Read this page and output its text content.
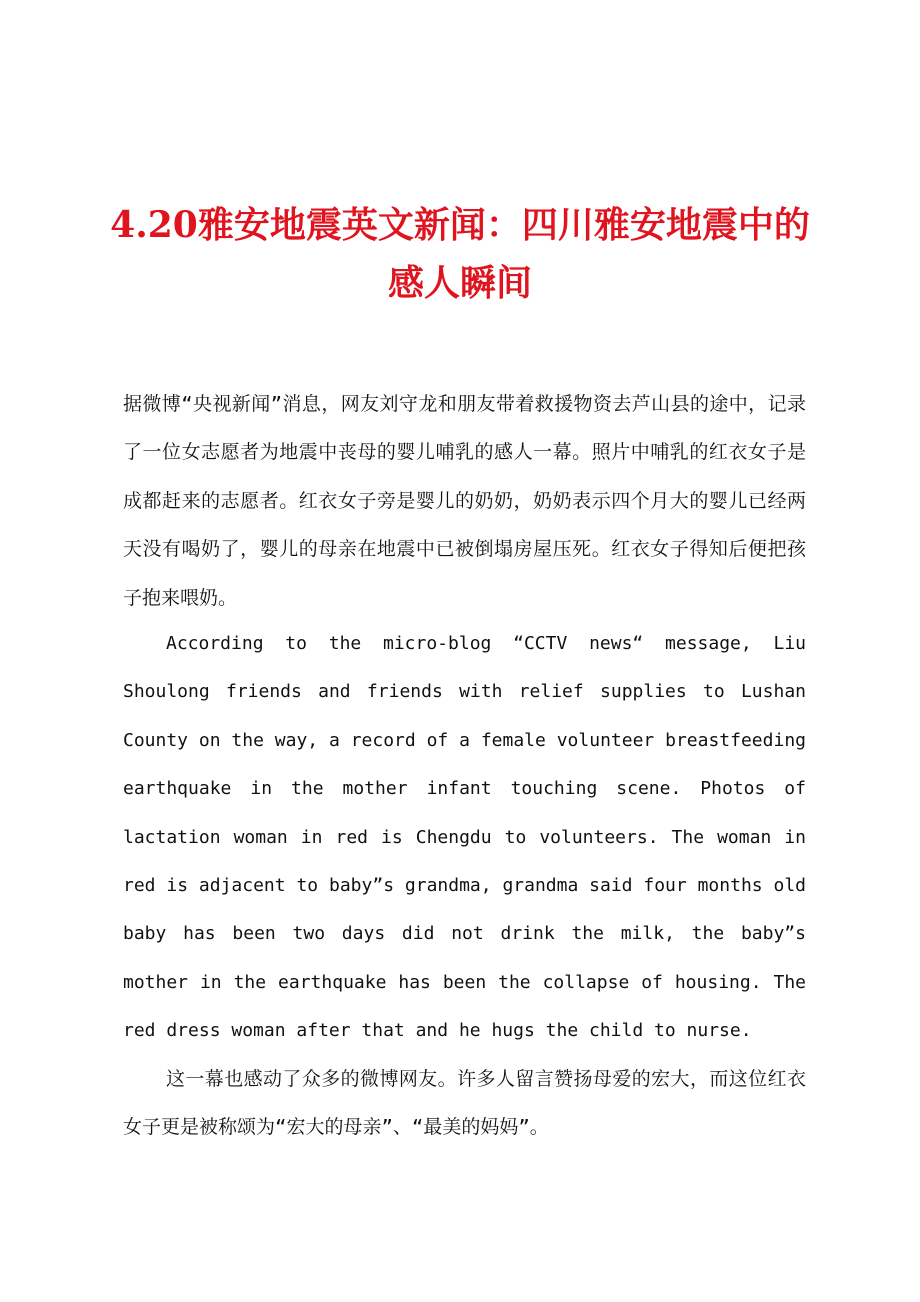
4.20雅安地震英文新闻：四川雅安地震中的感人瞬间

据微博“央视新闻”消息，网友刘守龙和朋友带着救援物资去芦山县的途中，记录了一位女志愿者为地震中丧母的婴儿哺乳的感人一幕。照片中哺乳的红衣女子是成都赶来的志愿者。红衣女子旁是婴儿的奶奶，奶奶表示四个月大的婴儿已经两天没有喝奶了，婴儿的母亲在地震中已被倒塌房屋压死。红衣女子得知后便把孩子抱来喂奶。

According to the micro-blog “CCTV news“ message, Liu Shoulong friends and friends with relief supplies to Lushan County on the way, a record of a female volunteer breastfeeding earthquake in the mother infant touching scene. Photos of lactation woman in red is Chengdu to volunteers. The woman in red is adjacent to baby”s grandma, grandma said four months old baby has been two days did not drink the milk, the baby”s mother in the earthquake has been the collapse of housing. The red dress woman after that and he hugs the child to nurse.

这一幕也感动了众多的微博网友。许多人留言赞扬母爱的宏大，而这位红衣女子更是被称颂为“宏大的母亲”、“最美的妈妈”。
